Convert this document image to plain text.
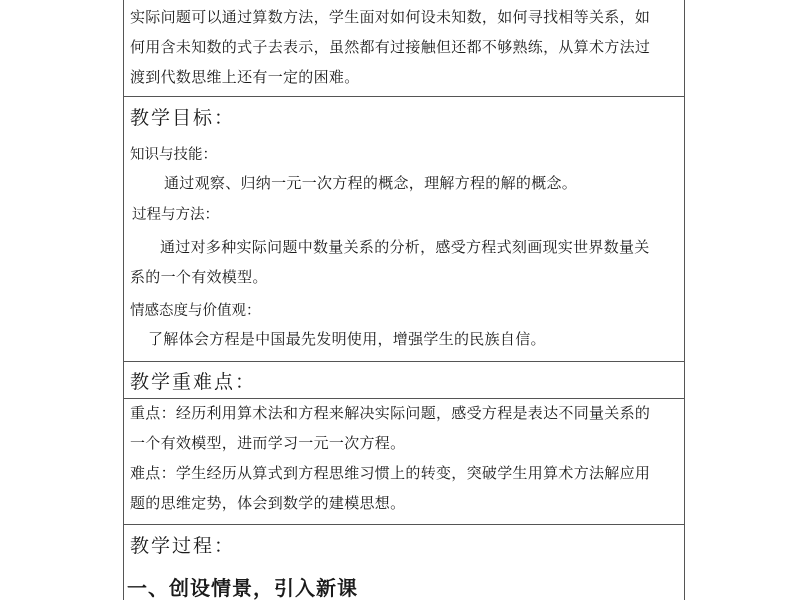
实际问题可以通过算数方法，学生面对如何设未知数，如何寻找相等关系，如

何用含未知数的式子去表示，虽然都有过接触但还都不够熟练，从算术方法过

渡到代数思维上还有一定的困难。

教学目标：

知识与技能：

通过观察、归纳一元一次方程的概念，理解方程的解的概念。

过程与方法：

通过对多种实际问题中数量关系的分析，感受方程式刻画现实世界数量关

系的一个有效模型。

情感态度与价值观：

了解体会方程是中国最先发明使用，增强学生的民族自信。

教学重难点：

重点：经历利用算术法和方程来解决实际问题，感受方程是表达不同量关系的

一个有效模型，进而学习一元一次方程。

难点：学生经历从算式到方程思维习惯上的转变，突破学生用算术方法解应用

题的思维定势，体会到数学的建模思想。

教学过程：

一、创设情景，引入新课
